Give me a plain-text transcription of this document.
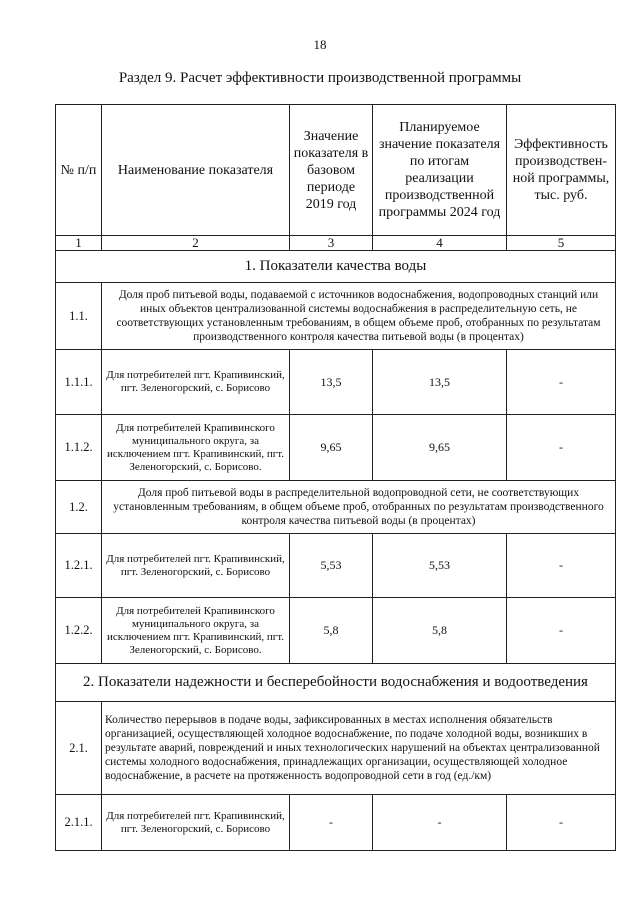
18
Раздел 9. Расчет эффективности производственной программы
№ п/п	Наименование показателя	Значение показателя в базовом периоде 2019 год	Планируемое значение показателя по итогам реализации производственной программы 2024 год	Эффективность производствен-ной программы, тыс. руб.
1	2	3	4	5
1. Показатели качества воды				
1.1.	Доля проб питьевой воды, подаваемой с источников водоснабжения, водопроводных станций или иных объектов централизованной системы водоснабжения в распределительную сеть, не соответствующих установленным требованиям, в общем объеме проб, отобранных по результатам производственного контроля качества питьевой воды (в процентах)			
1.1.1.	Для потребителей пгт. Крапивинский, пгт. Зеленогорский, с. Борисово	13,5	13,5	-
1.1.2.	Для потребителей Крапивинского муниципального округа, за исключением пгт. Крапивинский, пгт. Зеленогорский, с. Борисово.	9,65	9,65	-
1.2.	Доля проб питьевой воды в распределительной водопроводной сети, не соответствующих установленным требованиям, в общем объеме проб, отобранных по результатам производственного контроля качества питьевой воды (в процентах)			
1.2.1.	Для потребителей пгт. Крапивинский, пгт. Зеленогорский, с. Борисово	5,53	5,53	-
1.2.2.	Для потребителей Крапивинского муниципального округа, за исключением пгт. Крапивинский, пгт. Зеленогорский, с. Борисово.	5,8	5,8	-
2. Показатели надежности и бесперебойности водоснабжения и водоотведения				
2.1.	Количество перерывов в подаче воды, зафиксированных в местах исполнения обязательств организацией, осуществляющей холодное водоснабжение, по подаче холодной воды, возникших в результате аварий, повреждений и иных технологических нарушений на объектах централизованной системы холодного водоснабжения, принадлежащих организации, осуществляющей холодное водоснабжение, в расчете на протяженность водопроводной сети в год (ед./км)			
2.1.1.	Для потребителей пгт. Крапивинский, пгт. Зеленогорский, с. Борисово	-	-	-
